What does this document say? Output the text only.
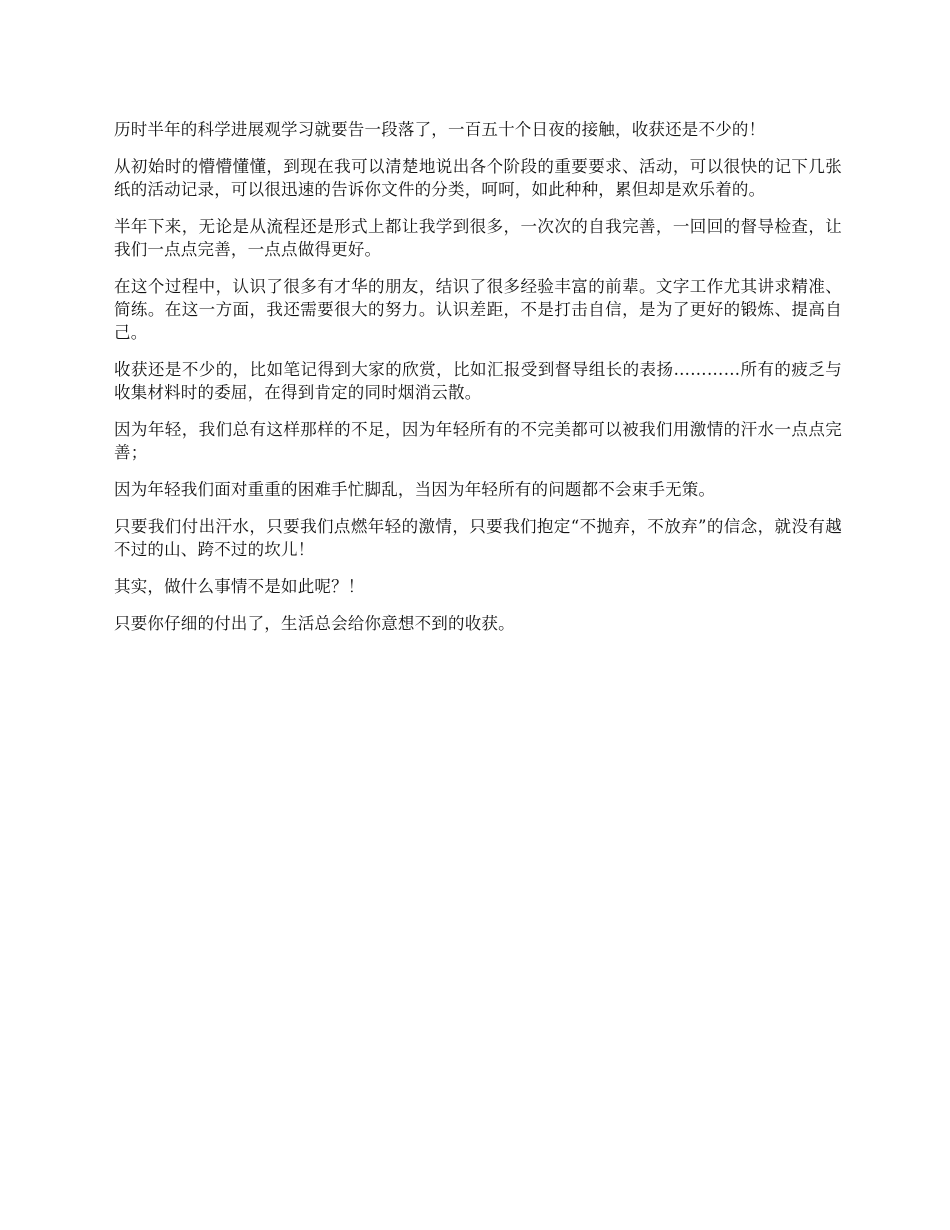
历时半年的科学进展观学习就要告一段落了，一百五十个日夜的接触，收获还是不少的！

从初始时的懵懵懂懂，到现在我可以清楚地说出各个阶段的重要要求、活动，可以很快的记下几张纸的活动记录，可以很迅速的告诉你文件的分类，呵呵，如此种种，累但却是欢乐着的。

半年下来，无论是从流程还是形式上都让我学到很多，一次次的自我完善，一回回的督导检查，让我们一点点完善，一点点做得更好。

在这个过程中，认识了很多有才华的朋友，结识了很多经验丰富的前辈。文字工作尤其讲求精准、简练。在这一方面，我还需要很大的努力。认识差距，不是打击自信，是为了更好的锻炼、提高自己。

收获还是不少的，比如笔记得到大家的欣赏，比如汇报受到督导组长的表扬…………所有的疲乏与收集材料时的委屈，在得到肯定的同时烟消云散。

因为年轻，我们总有这样那样的不足，因为年轻所有的不完美都可以被我们用激情的汗水一点点完善；

因为年轻我们面对重重的困难手忙脚乱，当因为年轻所有的问题都不会束手无策。

只要我们付出汗水，只要我们点燃年轻的激情，只要我们抱定“不抛弃，不放弃”的信念，就没有越不过的山、跨不过的坎儿！

其实，做什么事情不是如此呢？！

只要你仔细的付出了，生活总会给你意想不到的收获。
